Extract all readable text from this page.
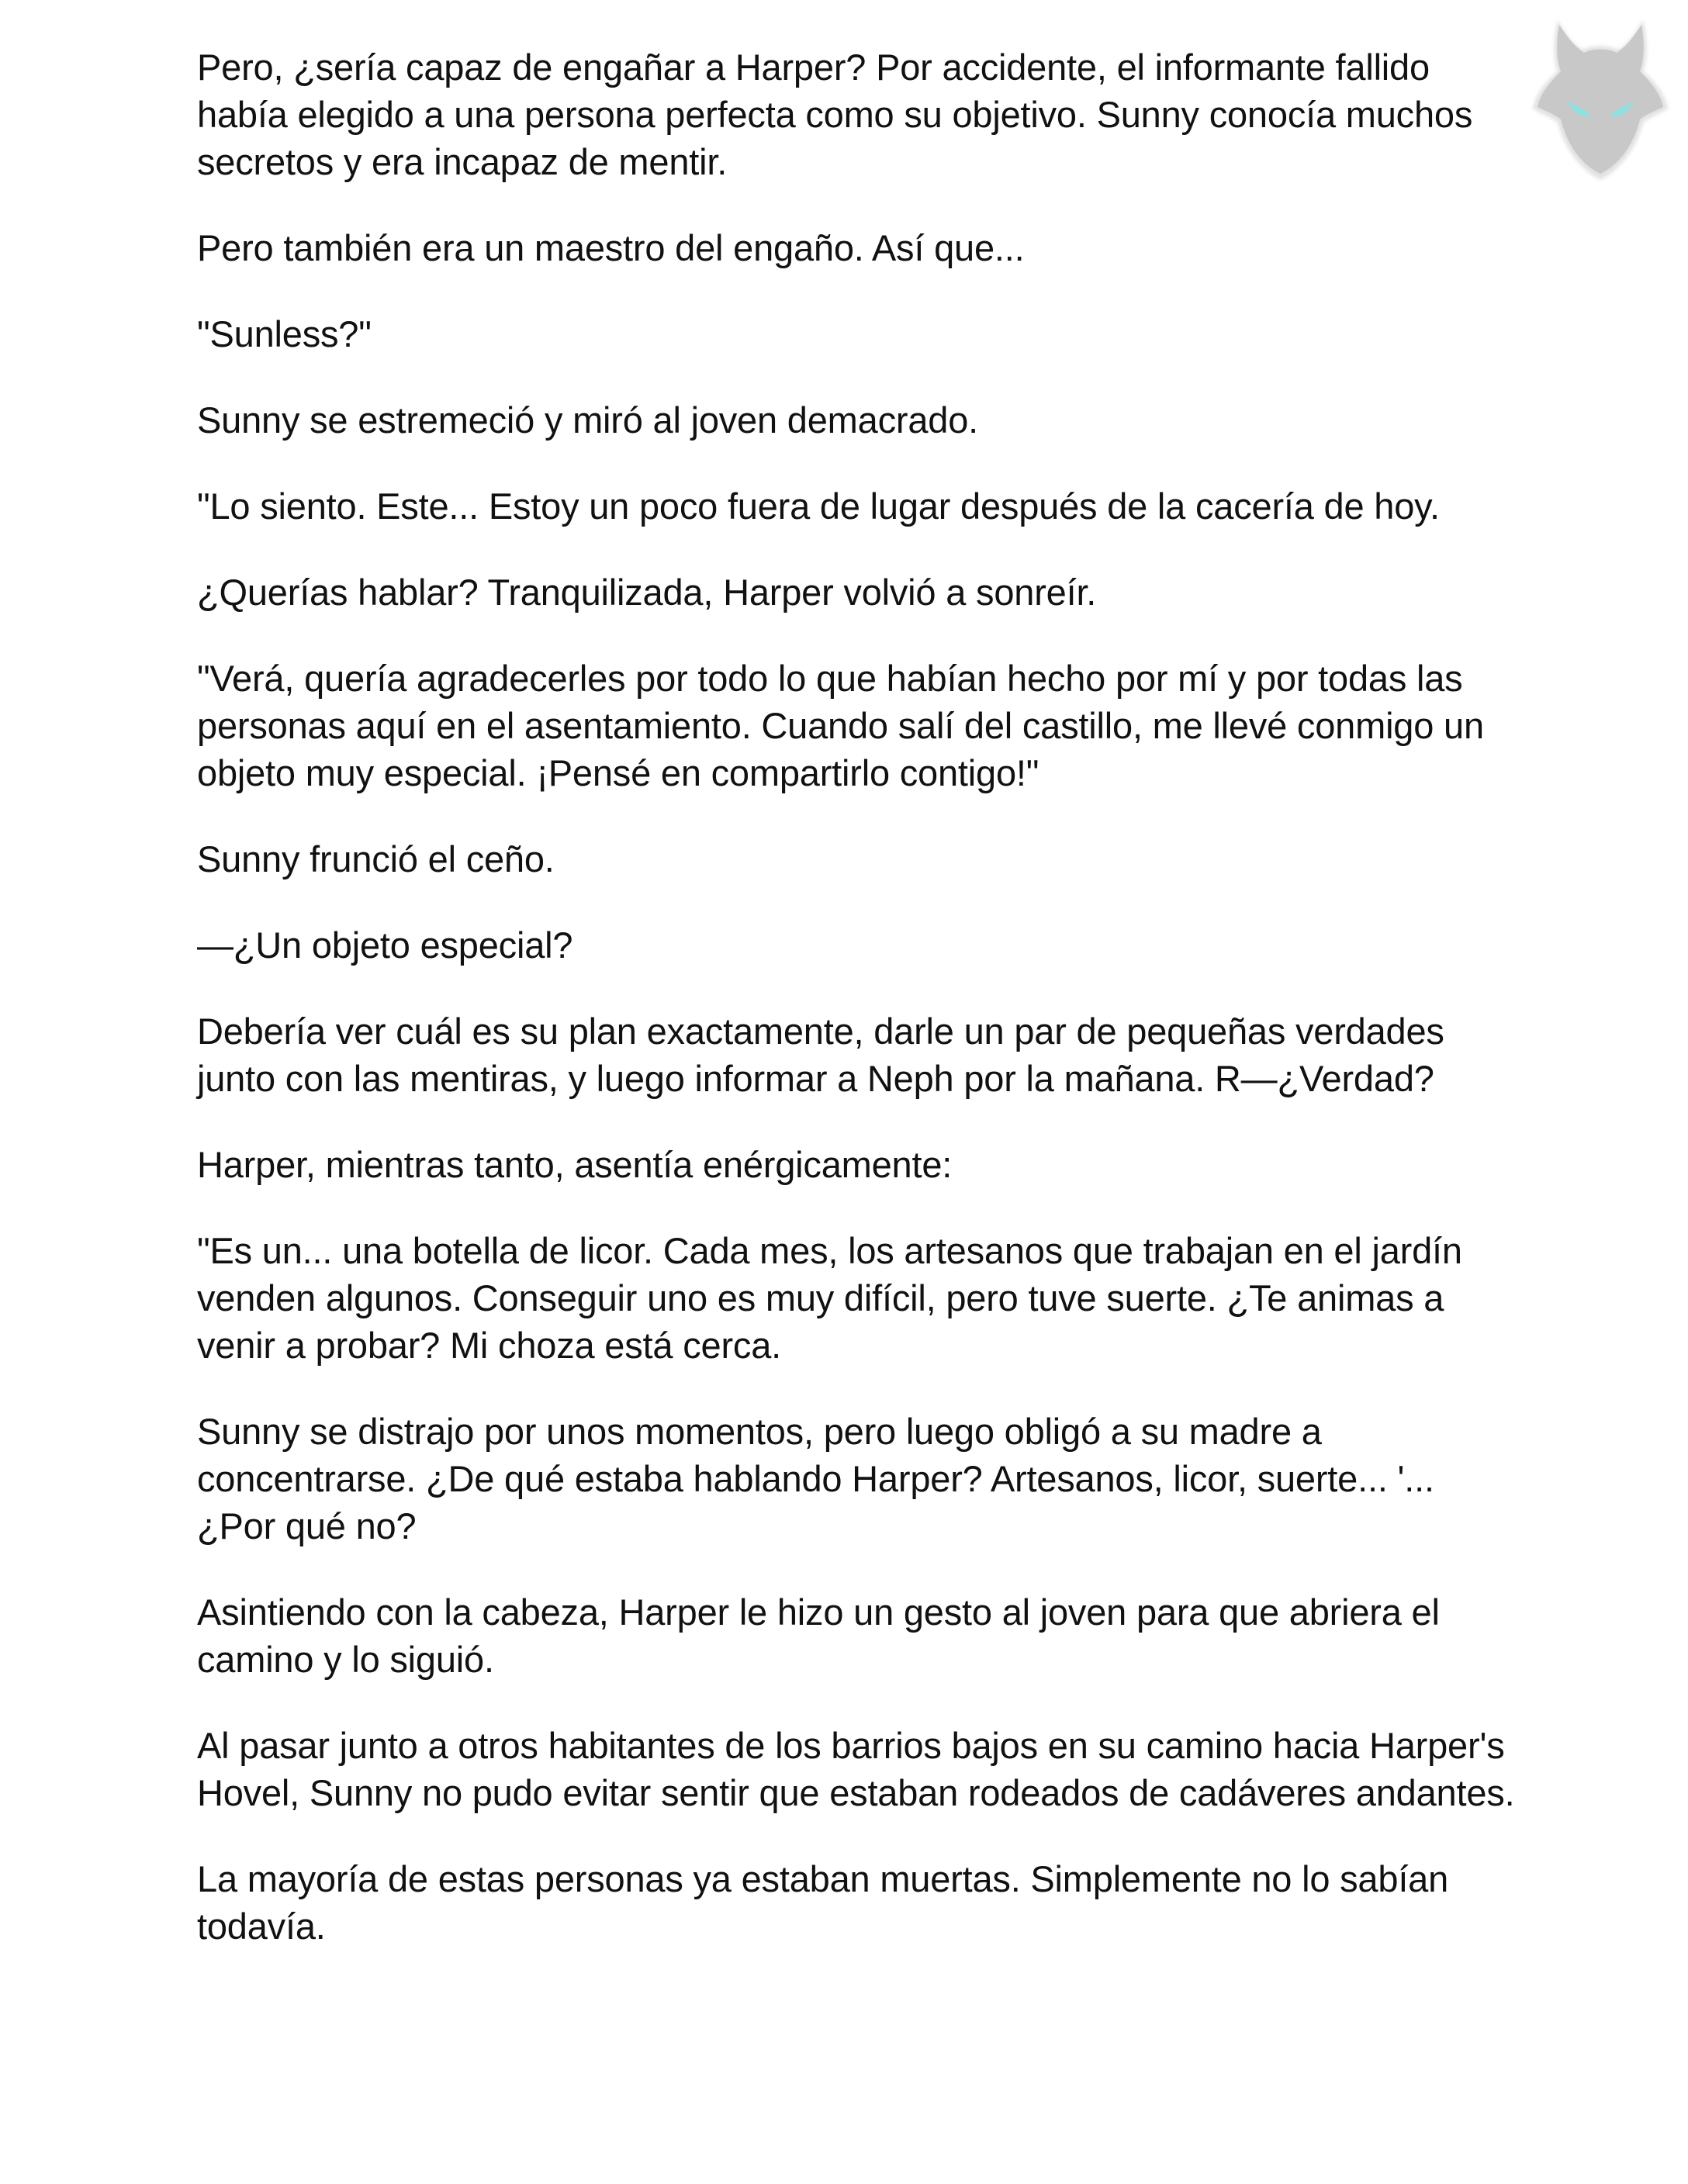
Pero, ¿sería capaz de engañar a Harper? Por accidente, el informante fallido había elegido a una persona perfecta como su objetivo. Sunny conocía muchos secretos y era incapaz de mentir.

Pero también era un maestro del engaño. Así que...

"Sunless?"

Sunny se estremeció y miró al joven demacrado.

"Lo siento. Este... Estoy un poco fuera de lugar después de la cacería de hoy.

¿Querías hablar? Tranquilizada, Harper volvió a sonreír.

"Verá, quería agradecerles por todo lo que habían hecho por mí y por todas las personas aquí en el asentamiento. Cuando salí del castillo, me llevé conmigo un objeto muy especial. ¡Pensé en compartirlo contigo!"

Sunny frunció el ceño.

—¿Un objeto especial?

Debería ver cuál es su plan exactamente, darle un par de pequeñas verdades junto con las mentiras, y luego informar a Neph por la mañana. R—¿Verdad?

Harper, mientras tanto, asentía enérgicamente:

"Es un... una botella de licor. Cada mes, los artesanos que trabajan en el jardín venden algunos. Conseguir uno es muy difícil, pero tuve suerte. ¿Te animas a venir a probar? Mi choza está cerca.

Sunny se distrajo por unos momentos, pero luego obligó a su madre a concentrarse. ¿De qué estaba hablando Harper? Artesanos, licor, suerte... '... ¿Por qué no?

Asintiendo con la cabeza, Harper le hizo un gesto al joven para que abriera el camino y lo siguió.

Al pasar junto a otros habitantes de los barrios bajos en su camino hacia Harper's Hovel, Sunny no pudo evitar sentir que estaban rodeados de cadáveres andantes.

La mayoría de estas personas ya estaban muertas. Simplemente no lo sabían todavía.
